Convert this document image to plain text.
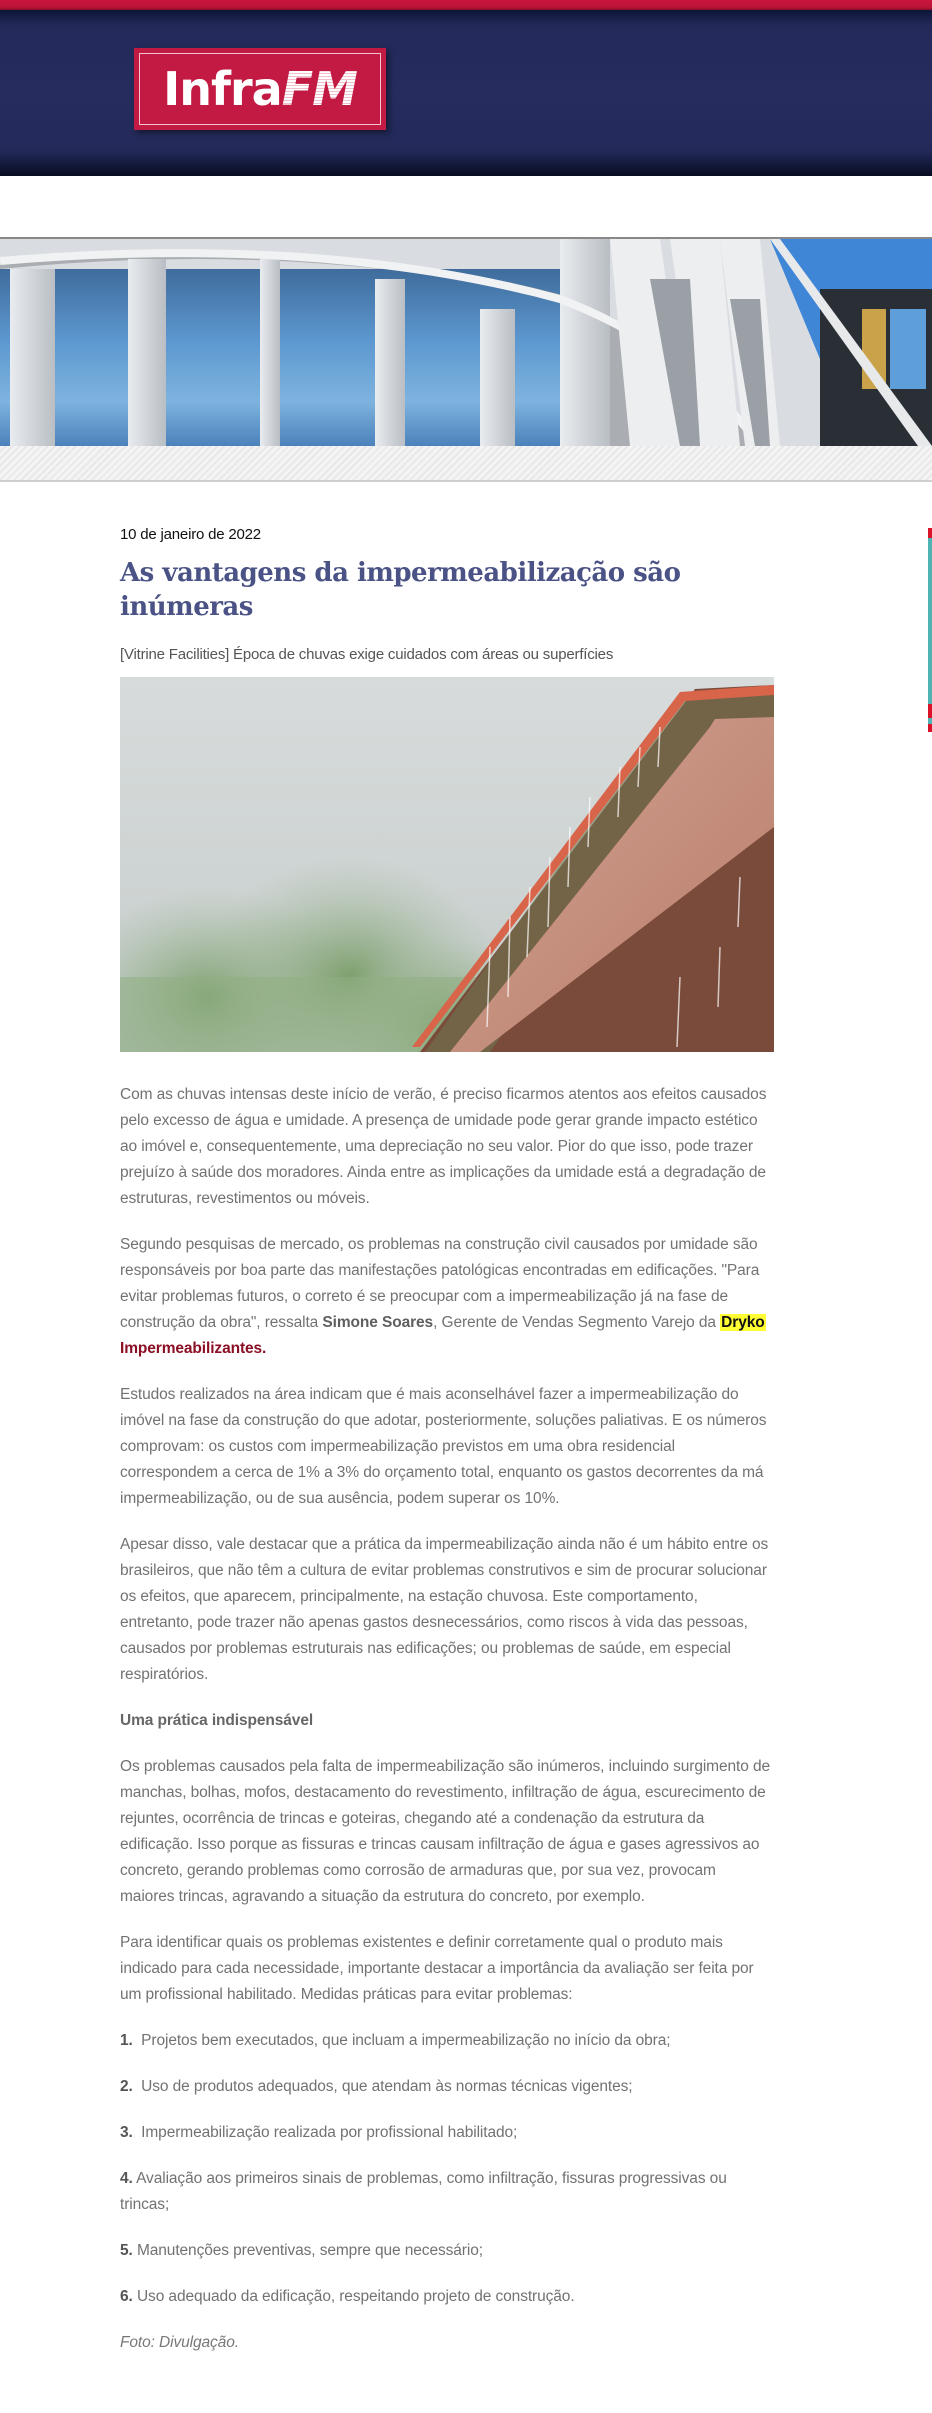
InfraFM
10 de janeiro de 2022
As vantagens da impermeabilização são inúmeras
[Vitrine Facilities] Época de chuvas exige cuidados com áreas ou superfícies

Com as chuvas intensas deste início de verão, é preciso ficarmos atentos aos efeitos causados pelo excesso de água e umidade. A presença de umidade pode gerar grande impacto estético ao imóvel e, consequentemente, uma depreciação no seu valor. Pior do que isso, pode trazer prejuízo à saúde dos moradores. Ainda entre as implicações da umidade está a degradação de estruturas, revestimentos ou móveis.

Segundo pesquisas de mercado, os problemas na construção civil causados por umidade são responsáveis por boa parte das manifestações patológicas encontradas em edificações. "Para evitar problemas futuros, o correto é se preocupar com a impermeabilização já na fase de construção da obra", ressalta Simone Soares, Gerente de Vendas Segmento Varejo da Dryko Impermeabilizantes.

Estudos realizados na área indicam que é mais aconselhável fazer a impermeabilização do imóvel na fase da construção do que adotar, posteriormente, soluções paliativas. E os números comprovam: os custos com impermeabilização previstos em uma obra residencial correspondem a cerca de 1% a 3% do orçamento total, enquanto os gastos decorrentes da má impermeabilização, ou de sua ausência, podem superar os 10%.

Apesar disso, vale destacar que a prática da impermeabilização ainda não é um hábito entre os brasileiros, que não têm a cultura de evitar problemas construtivos e sim de procurar solucionar os efeitos, que aparecem, principalmente, na estação chuvosa. Este comportamento, entretanto, pode trazer não apenas gastos desnecessários, como riscos à vida das pessoas, causados por problemas estruturais nas edificações; ou problemas de saúde, em especial respiratórios.

Uma prática indispensável

Os problemas causados pela falta de impermeabilização são inúmeros, incluindo surgimento de manchas, bolhas, mofos, destacamento do revestimento, infiltração de água, escurecimento de rejuntes, ocorrência de trincas e goteiras, chegando até a condenação da estrutura da edificação. Isso porque as fissuras e trincas causam infiltração de água e gases agressivos ao concreto, gerando problemas como corrosão de armaduras que, por sua vez, provocam maiores trincas, agravando a situação da estrutura do concreto, por exemplo.

Para identificar quais os problemas existentes e definir corretamente qual o produto mais indicado para cada necessidade, importante destacar a importância da avaliação ser feita por um profissional habilitado. Medidas práticas para evitar problemas:

1. Projetos bem executados, que incluam a impermeabilização no início da obra;
2. Uso de produtos adequados, que atendam às normas técnicas vigentes;
3. Impermeabilização realizada por profissional habilitado;
4. Avaliação aos primeiros sinais de problemas, como infiltração, fissuras progressivas ou trincas;
5. Manutenções preventivas, sempre que necessário;
6. Uso adequado da edificação, respeitando projeto de construção.

Foto: Divulgação.
